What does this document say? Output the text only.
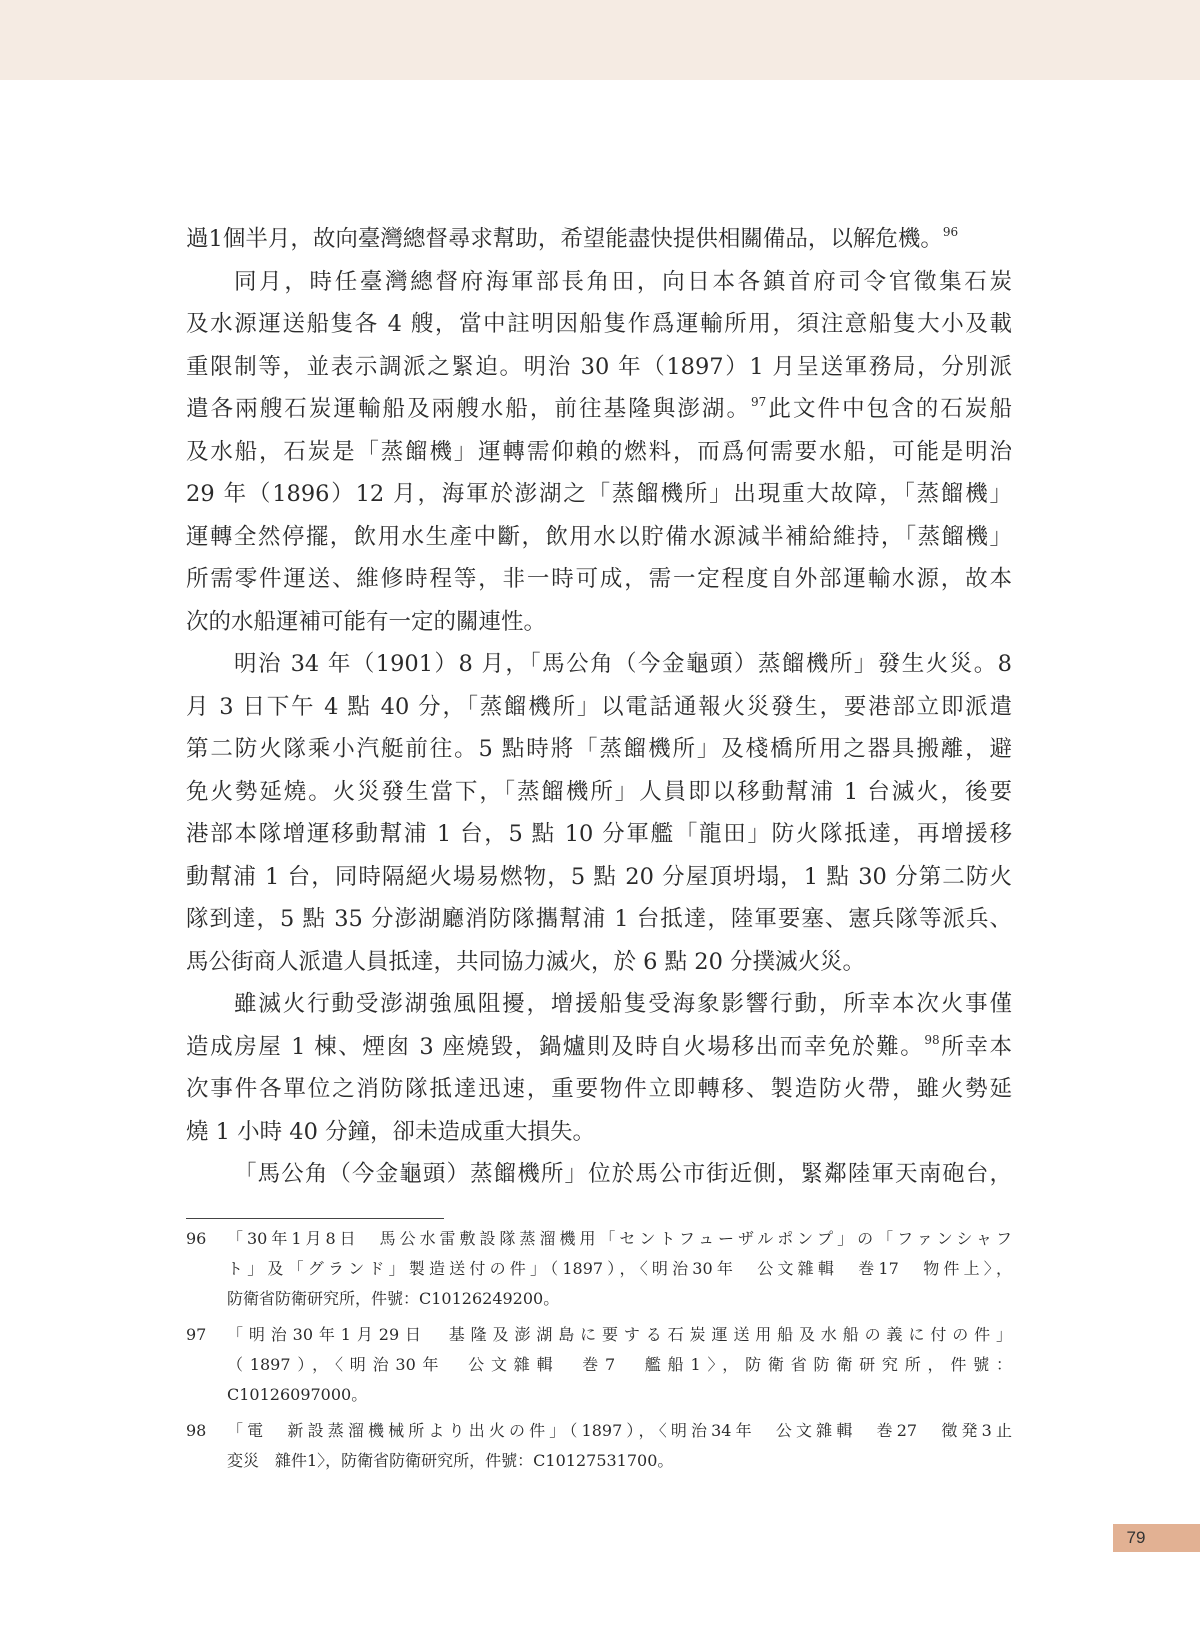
過1個半月，故向臺灣總督尋求幫助，希望能盡快提供相關備品，以解危機。$^{96}$
同月，時任臺灣總督府海軍部長角田，向日本各鎮首府司令官徵集石炭
及水源運送船隻各 4 艘，當中註明因船隻作爲運輸所用，須注意船隻大小及載
重限制等，並表示調派之緊迫。明治 30 年（1897）1 月呈送軍務局，分別派
遣各兩艘石炭運輸船及兩艘水船，前往基隆與澎湖。$^{97}$此文件中包含的石炭船
及水船，石炭是「蒸餾機」運轉需仰賴的燃料，而爲何需要水船，可能是明治
29 年（1896）12 月，海軍於澎湖之「蒸餾機所」出現重大故障，「蒸餾機」
運轉全然停擺，飲用水生產中斷，飲用水以貯備水源減半補給維持，「蒸餾機」
所需零件運送、維修時程等，非一時可成，需一定程度自外部運輸水源，故本
次的水船運補可能有一定的關連性。
明治 34 年（1901）8 月，「馬公角（今金龜頭）蒸餾機所」發生火災。8
月 3 日下午 4 點 40 分，「蒸餾機所」以電話通報火災發生，要港部立即派遣
第二防火隊乘小汽艇前往。5 點時將「蒸餾機所」及棧橋所用之器具搬離，避
免火勢延燒。火災發生當下，「蒸餾機所」人員即以移動幫浦 1 台滅火，後要
港部本隊增運移動幫浦 1 台，5 點 10 分軍艦「龍田」防火隊抵達，再增援移
動幫浦 1 台，同時隔絕火場易燃物，5 點 20 分屋頂坍塌，1 點 30 分第二防火
隊到達，5 點 35 分澎湖廳消防隊攜幫浦 1 台抵達，陸軍要塞、憲兵隊等派兵、
馬公街商人派遣人員抵達，共同協力滅火，於 6 點 20 分撲滅火災。
雖滅火行動受澎湖強風阻擾，增援船隻受海象影響行動，所幸本次火事僅
造成房屋 1 棟、煙囱 3 座燒毀，鍋爐則及時自火場移出而幸免於難。$^{98}$所幸本
次事件各單位之消防隊抵達迅速，重要物件立即轉移、製造防火帶，雖火勢延
燒 1 小時 40 分鐘，卻未造成重大損失。
「馬公角（今金龜頭）蒸餾機所」位於馬公市街近側，緊鄰陸軍天南砲台，
96 「30年1月8日　馬公水雷敷設隊蒸溜機用「セントフューザルポンプ」の「ファンシャフ
ト」及「グランド」製造送付の件」（1897），〈明治30年　公文雜輯　巻17　物件上〉，
防衛省防衛研究所，件號：C10126249200。
97 「明治30年1月29日　基隆及澎湖島に要する石炭運送用船及水船の義に付の件」
（1897），〈明治30年　公文雜輯　巻7　艦船1〉，防衛省防衛研究所，件號：
C10126097000。
98 「電　新設蒸溜機械所より出火の件」（1897），〈明治34年　公文雜輯　巻27　徵発3止
変災　雜件1〉，防衛省防衛研究所，件號：C10127531700。
79
